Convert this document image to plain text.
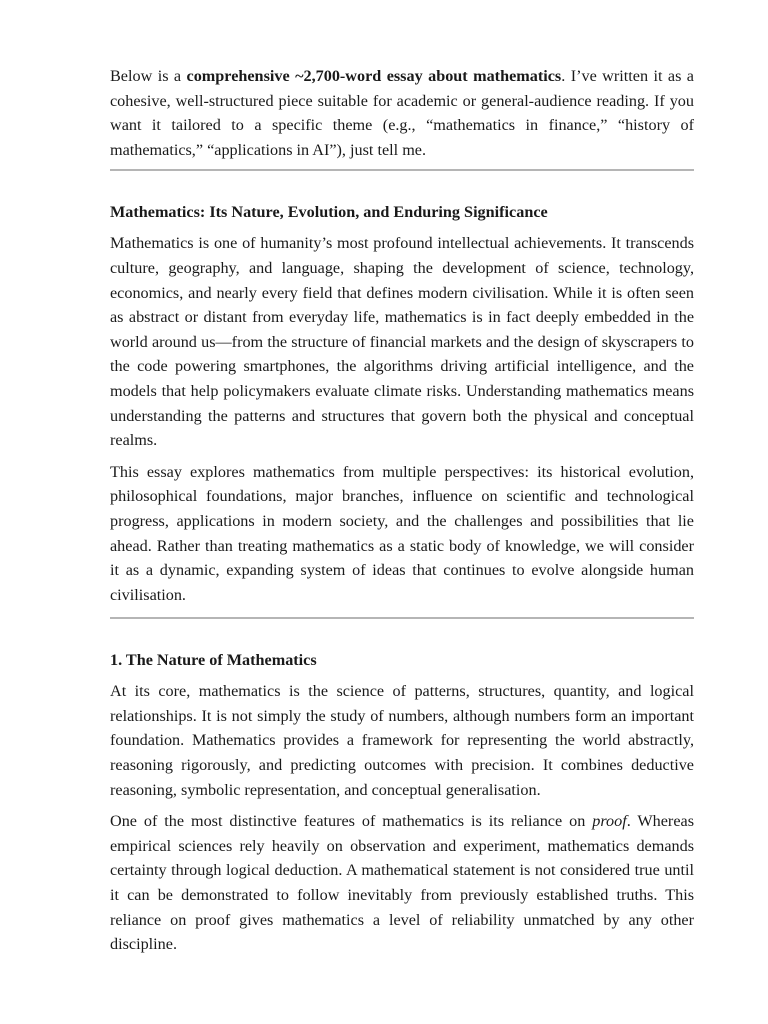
Below is a comprehensive ~2,700-word essay about mathematics. I’ve written it as a cohesive, well-structured piece suitable for academic or general-audience reading. If you want it tailored to a specific theme (e.g., “mathematics in finance,” “history of mathematics,” “applications in AI”), just tell me.

Mathematics: Its Nature, Evolution, and Enduring Significance

Mathematics is one of humanity’s most profound intellectual achievements. It transcends culture, geography, and language, shaping the development of science, technology, economics, and nearly every field that defines modern civilisation. While it is often seen as abstract or distant from everyday life, mathematics is in fact deeply embedded in the world around us—from the structure of financial markets and the design of skyscrapers to the code powering smartphones, the algorithms driving artificial intelligence, and the models that help policymakers evaluate climate risks. Understanding mathematics means understanding the patterns and structures that govern both the physical and conceptual realms.

This essay explores mathematics from multiple perspectives: its historical evolution, philosophical foundations, major branches, influence on scientific and technological progress, applications in modern society, and the challenges and possibilities that lie ahead. Rather than treating mathematics as a static body of knowledge, we will consider it as a dynamic, expanding system of ideas that continues to evolve alongside human civilisation.

1. The Nature of Mathematics

At its core, mathematics is the science of patterns, structures, quantity, and logical relationships. It is not simply the study of numbers, although numbers form an important foundation. Mathematics provides a framework for representing the world abstractly, reasoning rigorously, and predicting outcomes with precision. It combines deductive reasoning, symbolic representation, and conceptual generalisation.

One of the most distinctive features of mathematics is its reliance on proof. Whereas empirical sciences rely heavily on observation and experiment, mathematics demands certainty through logical deduction. A mathematical statement is not considered true until it can be demonstrated to follow inevitably from previously established truths. This reliance on proof gives mathematics a level of reliability unmatched by any other discipline.
